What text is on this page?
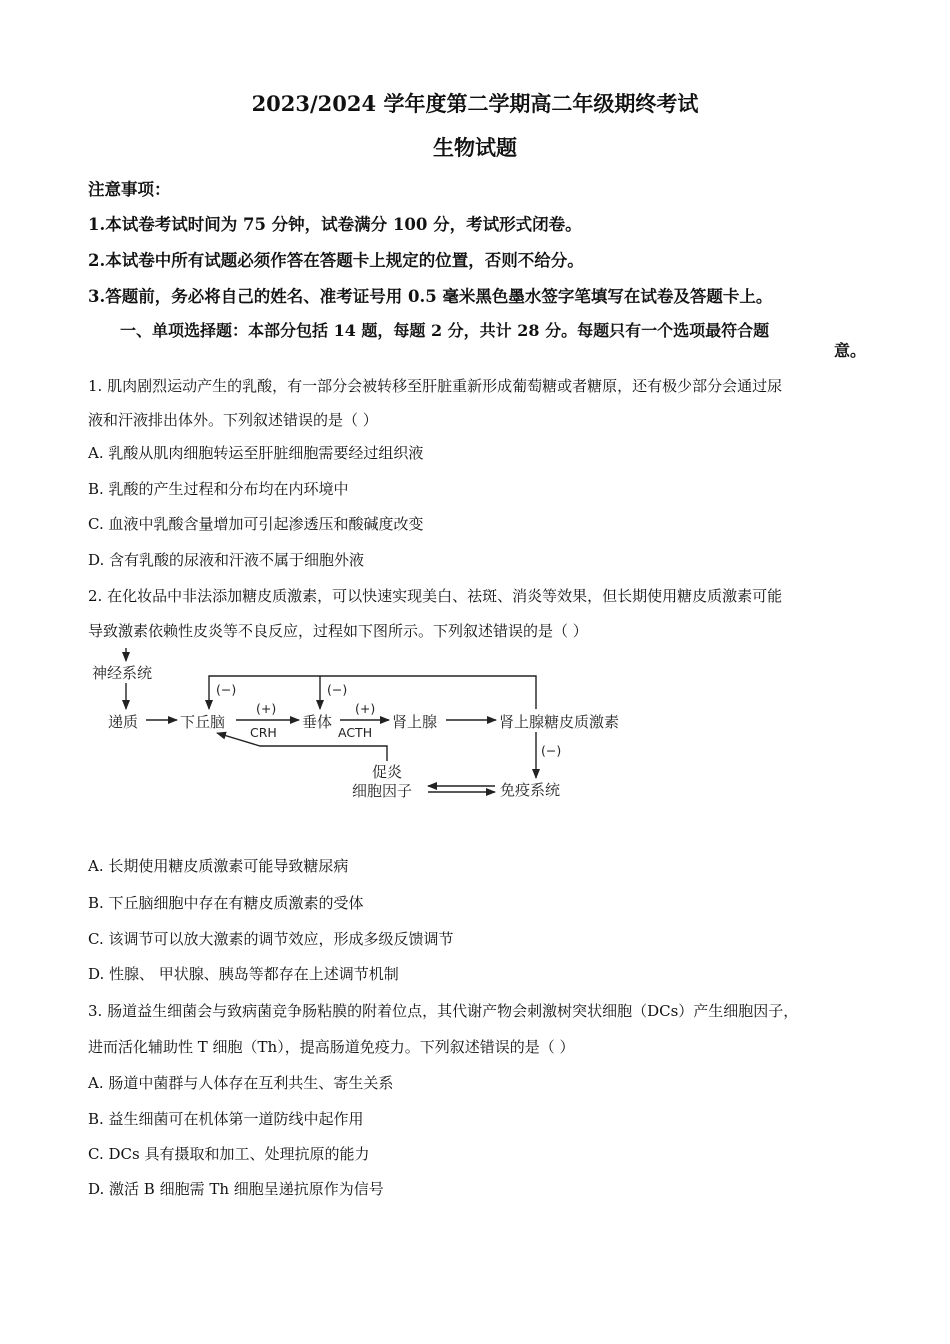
2023/2024 学年度第二学期高二年级期终考试
生物试题
注意事项：
1.本试卷考试时间为 75 分钟，试卷满分 100 分，考试形式闭卷。
2.本试卷中所有试题必须作答在答题卡上规定的位置，否则不给分。
3.答题前，务必将自己的姓名、准考证号用 0.5 毫米黑色墨水签字笔填写在试卷及答题卡上。
一、单项选择题：本部分包括 14 题，每题 2 分，共计 28 分。每题只有一个选项最符合题
意。
1. 肌肉剧烈运动产生的乳酸，有一部分会被转移至肝脏重新形成葡萄糖或者糖原，还有极少部分会通过尿
液和汗液排出体外。下列叙述错误的是（ ）
A. 乳酸从肌肉细胞转运至肝脏细胞需要经过组织液
B. 乳酸的产生过程和分布均在内环境中
C. 血液中乳酸含量增加可引起渗透压和酸碱度改变
D. 含有乳酸的尿液和汗液不属于细胞外液
2. 在化妆品中非法添加糖皮质激素，可以快速实现美白、祛斑、消炎等效果，但长期使用糖皮质激素可能
导致激素依赖性皮炎等不良反应，过程如下图所示。下列叙述错误的是（ ）
神经系统
递质	下丘脑	垂体	肾上腺	肾上腺糖皮质激素
免疫系统
促炎
细胞因子
CRH	ACTH
(+)	(+)
(−)	(−)
(−)
A. 长期使用糖皮质激素可能导致糖尿病
B. 下丘脑细胞中存在有糖皮质激素的受体
C. 该调节可以放大激素的调节效应，形成多级反馈调节
D. 性腺、 甲状腺、胰岛等都存在上述调节机制
3. 肠道益生细菌会与致病菌竞争肠粘膜的附着位点，其代谢产物会刺激树突状细胞（DCs）产生细胞因子，
进而活化辅助性 T 细胞（Th），提高肠道免疫力。下列叙述错误的是（ ）
A. 肠道中菌群与人体存在互利共生、寄生关系
B. 益生细菌可在机体第一道防线中起作用
C. DCs 具有摄取和加工、处理抗原的能力
D. 激活 B 细胞需 Th 细胞呈递抗原作为信号
